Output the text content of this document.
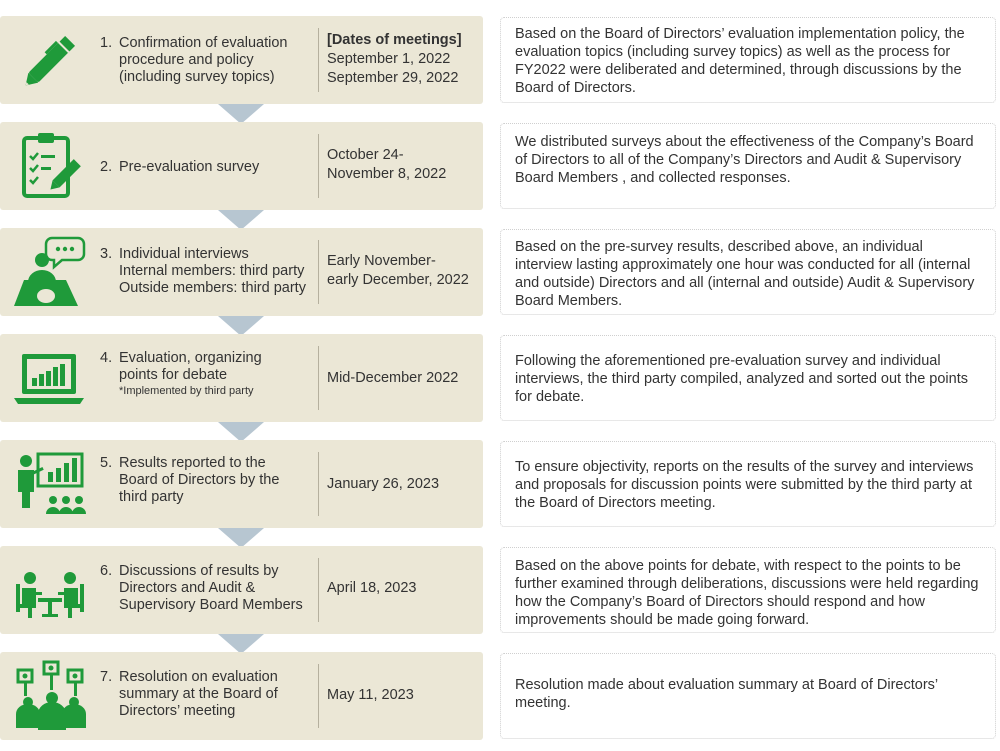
1. Confirmation of evaluation
procedure and policy
(including survey topics)
[Dates of meetings]
September 1, 2022
September 29, 2022
Based on the Board of Directors’ evaluation implementation policy, the evaluation topics (including survey topics) as well as the process for FY2022 were deliberated and determined, through discussions by the Board of Directors.
2. Pre-evaluation survey
October 24-
November 8, 2022
We distributed surveys about the effectiveness of the Company’s Board of Directors to all of the Company’s Directors and Audit & Supervisory Board Members , and collected responses.
3. Individual interviews
Internal members: third party
Outside members: third party
Early November-
early December, 2022
Based on the pre-survey results, described above, an individual interview lasting approximately one hour was conducted for all (internal and outside) Directors and all (internal and outside) Audit & Supervisory Board Members.
4. Evaluation, organizing
points for debate
*Implemented by third party
Mid-December 2022
Following the aforementioned pre-evaluation survey and individual interviews, the third party compiled, analyzed and sorted out the points for debate.
5. Results reported to the
Board of Directors by the
third party
January 26, 2023
To ensure objectivity, reports on the results of the survey and interviews and proposals for discussion points were submitted by the third party at the Board of Directors meeting.
6. Discussions of results by
Directors and Audit &
Supervisory Board Members
April 18, 2023
Based on the above points for debate, with respect to the points to be further examined through deliberations, discussions were held regarding how the Company’s Board of Directors should respond and how improvements should be made going forward.
7. Resolution on evaluation
summary at the Board of
Directors’ meeting
May 11, 2023
Resolution made about evaluation summary at Board of Directors’ meeting.
